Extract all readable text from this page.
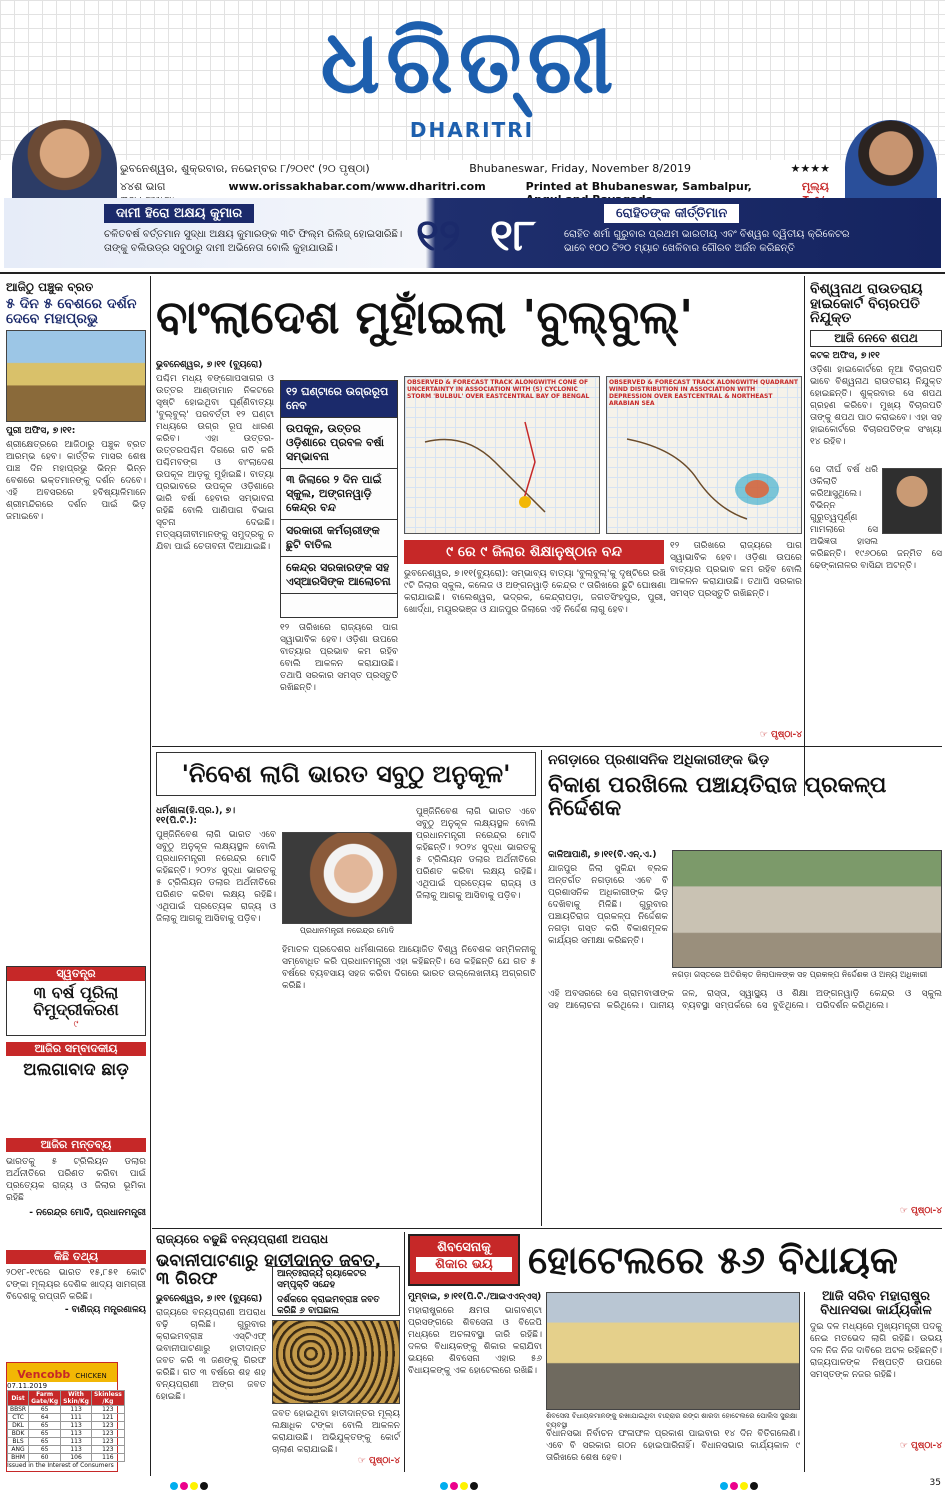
ଧରିତ୍ରୀ
DHARITRI
ଭୁବନେଶ୍ୱର, ଶୁକ୍ରବାର, ନଭେମ୍ବର ୮/୨୦୧୯ (୨୦ ପୃଷ୍ଠା)	Bhubaneswar, Friday, November 8/2019	★★★★
୪୪ଶ ଭାଗ	www.orissakhabar.com/www.dharitri.com	Printed at Bhubaneswar, Sambalpur,	ମୂଲ୍ୟ
ଦାମୀ ହିରୋ ଅକ୍ଷୟ କୁମାର
ଚଳିତବର୍ଷ ବର୍ତ୍ତମାନ ସୁଦ୍ଧା ଅକ୍ଷୟ କୁମାରଙ୍କ ୩ଟି ଫିଲ୍ମ ରିଲିଜ୍ ହୋଇସାରିଛି। ତାଙ୍କୁ ବଲିଉଡ୍‌ର ସବୁଠାରୁ ଦାମୀ ଅଭିନେତା ବୋଲି କୁହାଯାଉଛି।	୧୨ ୧୮	ରୋହିତଙ୍କ କୀର୍ତ୍ତିମାନ
ରୋହିତ ଶର୍ମା ଗୁରୁବାର ପ୍ରଥମ ଭାରତୀୟ ଏବଂ ବିଶ୍ୱର ଦ୍ୱିତୀୟ କ୍ରିକେଟର ଭାବେ ୧୦୦ ଟି୨୦ ମ୍ୟାଚ ଖେଳିବାର ଗୌରବ ଅର୍ଜନ କରିଛନ୍ତି
ଆଜିଠୁ ପଞ୍ଚୁକ ବ୍ରତ
୫ ଦିନ ୫ ବେଶରେ ଦର୍ଶନ ଦେବେ ମହାପ୍ରଭୁ
ପୁରୀ ଅଫିସ, ୭।୧୧:
ଶ୍ରୀକ୍ଷେତ୍ରରେ ଆଜିଠାରୁ ପଞ୍ଚୁକ ବ୍ରତ ଆରମ୍ଭ ହେବ। କାର୍ତ୍ତିକ ମାସର ଶେଷ ପାଞ୍ଚ ଦିନ ମହାପ୍ରଭୁ ଭିନ୍ନ ଭିନ୍ନ ବେଶରେ ଭକ୍ତମାନଙ୍କୁ ଦର୍ଶନ ଦେବେ। ଏହି ଅବସରରେ ହବିଷ୍ୟାଳିମାନେ ଶ୍ରୀମନ୍ଦିରରେ ଦର୍ଶନ ପାଇଁ ଭିଡ଼ ଜମାଇବେ।
ସ୍ୱତନ୍ତ୍ର
୩ ବର୍ଷ ପୂରିଲା ବିମୁଦ୍ରୀକରଣ
୯
ଆଜିର ସମ୍ବାଦକୀୟ
ଅଲଗାବାଦ ଛାଡ଼
ଆଜିର ମନ୍ତବ୍ୟ
ଭାରତକୁ ୫ ଟ୍ରିଲିୟନ ଡଲାର ଅର୍ଥନୀତିରେ ପରିଣତ କରିବା ପାଇଁ ପ୍ରତ୍ୟେକ ରାଜ୍ୟ ଓ ଜିଲାର ଭୂମିକା ରହିଛି
- ନରେନ୍ଦ୍ର ମୋଦି, ପ୍ରଧାନମନ୍ତ୍ରୀ
କିଛି ତଥ୍ୟ
୨୦୧୮-୧୯ରେ ଭାରତ ୧୫,୮୫୧ କୋଟି ଟଙ୍କା ମୂଲ୍ୟର ଦେଶିକ ଖାଦ୍ୟ ସାମଗ୍ରୀ ବିଦେଶକୁ ରପ୍ତାନି କରିଛି।
- ବାଣିଜ୍ୟ ମନ୍ତ୍ରଣାଳୟ
Vencobb CHICKEN
07.11.2019
Dist	Farm Gate/Kg	With Skin/Kg	Skinless /Kg
BBSR	65	113	123
CTC	64	111	121
DKL	65	113	123
BDK	65	113	123
BLS	65	113	123
ANG	65	113	123
BHM	60	106	116
Issued in the Interest of Consumers
ବାଂଲାଦେଶ ମୁହାଁଇଲା 'ବୁଲ୍‌ବୁଲ୍'
ଭୁବନେଶ୍ୱର, ୭।୧୧ (ବ୍ୟୁରୋ)
ପଶ୍ଚିମ ମଧ୍ୟ ବଙ୍ଗୋପସାଗର ଓ ଉତ୍ତର ଆଣ୍ଡାମାନ ନିକଟରେ ସୃଷ୍ଟି ହୋଇଥିବା ଘୂର୍ଣ୍ଣିବାତ୍ୟା 'ବୁଲ୍‌ବୁଲ୍' ପରବର୍ତ୍ତୀ ୧୨ ଘଣ୍ଟା ମଧ୍ୟରେ ଉଗ୍ର ରୂପ ଧାରଣ କରିବ। ଏହା ଉତ୍ତର-ଉତ୍ତରପଶ୍ଚିମ ଦିଗରେ ଗତି କରି ପଶ୍ଚିମବଙ୍ଗ ଓ ବାଂଲାଦେଶ ଉପକୂଳ ଆଡ଼କୁ ମୁହାଁଇଛି। ବାତ୍ୟା ପ୍ରଭାବରେ ଉପକୂଳ ଓଡ଼ିଶାରେ ଭାରି ବର୍ଷା ହେବାର ସମ୍ଭାବନା ରହିଛି ବୋଲି ପାଣିପାଗ ବିଭାଗ ସୂଚନା ଦେଇଛି। ମତ୍ସ୍ୟଜୀବୀମାନଙ୍କୁ ସମୁଦ୍ରକୁ ନ ଯିବା ପାଇଁ ଚେତାବନୀ ଦିଆଯାଇଛି।
୧୨ ଘଣ୍ଟାରେ ଉଗ୍ରରୂପ ନେବ
ଉପକୂଳ, ଉତ୍ତର ଓଡ଼ିଶାରେ ପ୍ରବଳ ବର୍ଷା ସମ୍ଭାବନା
୩ ଜିଲାରେ ୨ ଦିନ ପାଇଁ ସ୍କୁଲ, ଅଙ୍ଗନୱାଡ଼ି କେନ୍ଦ୍ର ବନ୍ଦ
ସରକାରୀ କର୍ମଚାରୀଙ୍କ ଛୁଟି ବାତିଲ
କେନ୍ଦ୍ର ସରକାରଙ୍କ ସହ ଏସ୍‌ଆରସିଙ୍କ ଆଲୋଚନା
୧୨ ତାରିଖରେ ରାଜ୍ୟରେ ପାଗ ସ୍ୱାଭାବିକ ହେବ। ଓଡ଼ିଶା ଉପରେ ବାତ୍ୟାର ପ୍ରଭାବ କମ ରହିବ ବୋଲି ଆକଳନ କରାଯାଉଛି। ତଥାପି ସରକାର ସମସ୍ତ ପ୍ରସ୍ତୁତି ରଖିଛନ୍ତି।
OBSERVED & FORECAST TRACK ALONGWITH CONE OF UNCERTAINTY IN ASSOCIATION WITH (S) CYCLONIC STORM 'BULBUL' OVER EASTCENTRAL BAY OF BENGAL
OBSERVED & FORECAST TRACK ALONGWITH QUADRANT WIND DISTRIBUTION IN ASSOCIATION WITH DEPRESSION OVER EASTCENTRAL & NORTHEAST ARABIAN SEA
୯ ରେ ୯ ଜିଲାର ଶିକ୍ଷାନୁଷ୍ଠାନ ବନ୍ଦ
ଭୁବନେଶ୍ୱର, ୭।୧୧(ବ୍ୟୁରୋ): ସମ୍ଭାବ୍ୟ ବାତ୍ୟା 'ବୁଲ୍‌ବୁଲ୍'କୁ ଦୃଷ୍ଟିରେ ରଖି ୯ଟି ଜିଲାର ସ୍କୁଲ, କଲେଜ ଓ ଅଙ୍ଗନୱାଡ଼ି କେନ୍ଦ୍ର ୯ ତାରିଖରେ ଛୁଟି ଘୋଷଣା କରାଯାଇଛି। ବାଲେଶ୍ୱର, ଭଦ୍ରକ, କେନ୍ଦ୍ରାପଡ଼ା, ଜଗତସିଂହପୁର, ପୁରୀ, ଖୋର୍ଦ୍ଧା, ମୟୂରଭଞ୍ଜ ଓ ଯାଜପୁର ଜିଲାରେ ଏହି ନିର୍ଦ୍ଦେଶ ଲାଗୁ ହେବ।
୧୨ ତାରିଖରେ ରାଜ୍ୟରେ ପାଗ ସ୍ୱାଭାବିକ ହେବ। ଓଡ଼ିଶା ଉପରେ ବାତ୍ୟାର ପ୍ରଭାବ କମ ରହିବ ବୋଲି ଆକଳନ କରାଯାଉଛି। ତଥାପି ସରକାର ସମସ୍ତ ପ୍ରସ୍ତୁତି ରଖିଛନ୍ତି।
☞ ପୃଷ୍ଠା-୪
ବିଶ୍ୱନାଥ ରାଉତରାୟ ହାଇକୋର୍ଟ ବିଚାରପତି ନିଯୁକ୍ତ
ଆଜି ନେବେ ଶପଥ
କଟକ ଅଫିସ, ୭।୧୧
ଓଡ଼ିଶା ହାଇକୋର୍ଟରେ ନୂଆ ବିଚାରପତି ଭାବେ ବିଶ୍ୱନାଥ ରାଉତରାୟ ନିଯୁକ୍ତ ହୋଇଛନ୍ତି। ଶୁକ୍ରବାର ସେ ଶପଥ ଗ୍ରହଣ କରିବେ। ମୁଖ୍ୟ ବିଚାରପତି ତାଙ୍କୁ ଶପଥ ପାଠ କରାଇବେ। ଏହା ସହ ହାଇକୋର୍ଟରେ ବିଚାରପତିଙ୍କ ସଂଖ୍ୟା ୧୪ ରହିବ।
ସେ ଦୀର୍ଘ ବର୍ଷ ଧରି ଓକିଲାତି କରିଆସୁଥିଲେ। ବିଭିନ୍ନ ଗୁରୁତ୍ୱପୂର୍ଣ୍ଣ ମାମଲାରେ ସେ ଅଭିଜ୍ଞତା ହାସଲ କରିଛନ୍ତି। ୧୯୬୦ରେ ଜନ୍ମିତ ସେ ଢେଙ୍କାନାଳର ବାସିନ୍ଦା ଅଟନ୍ତି।
'ନିବେଶ ଲାଗି ଭାରତ ସବୁଠୁ ଅନୁକୂଳ'
ଧର୍ମଶାଳା(ହି.ପ୍ର.), ୭।୧୧(ପି.ଟି.):
ପୁଞ୍ଜିନିବେଶ ଲାଗି ଭାରତ ଏବେ ସବୁଠୁ ଅନୁକୂଳ ଲକ୍ଷ୍ୟସ୍ଥଳ ବୋଲି ପ୍ରଧାନମନ୍ତ୍ରୀ ନରେନ୍ଦ୍ର ମୋଦି କହିଛନ୍ତି। ୨୦୨୪ ସୁଦ୍ଧା ଭାରତକୁ ୫ ଟ୍ରିଲିୟନ ଡଲାର ଅର୍ଥନୀତିରେ ପରିଣତ କରିବା ଲକ୍ଷ୍ୟ ରହିଛି। ଏଥିପାଇଁ ପ୍ରତ୍ୟେକ ରାଜ୍ୟ ଓ ଜିଲାକୁ ଆଗକୁ ଆସିବାକୁ ପଡ଼ିବ।
ପ୍ରଧାନମନ୍ତ୍ରୀ ନରେନ୍ଦ୍ର ମୋଦି
ହିମାଚଳ ପ୍ରଦେଶର ଧର୍ମଶାଳାରେ ଆୟୋଜିତ ବିଶ୍ୱ ନିବେଶକ ସମ୍ମିଳନୀକୁ ସମ୍ବୋଧିତ କରି ପ୍ରଧାନମନ୍ତ୍ରୀ ଏହା କହିଛନ୍ତି। ସେ କହିଛନ୍ତି ଯେ ଗତ ୫ ବର୍ଷରେ ବ୍ୟବସାୟ ସହଜ କରିବା ଦିଗରେ ଭାରତ ଉଲ୍ଲେଖନୀୟ ଅଗ୍ରଗତି କରିଛି।
ପୁଞ୍ଜିନିବେଶ ଲାଗି ଭାରତ ଏବେ ସବୁଠୁ ଅନୁକୂଳ ଲକ୍ଷ୍ୟସ୍ଥଳ ବୋଲି ପ୍ରଧାନମନ୍ତ୍ରୀ ନରେନ୍ଦ୍ର ମୋଦି କହିଛନ୍ତି। ୨୦୨୪ ସୁଦ୍ଧା ଭାରତକୁ ୫ ଟ୍ରିଲିୟନ ଡଲାର ଅର୍ଥନୀତିରେ ପରିଣତ କରିବା ଲକ୍ଷ୍ୟ ରହିଛି। ଏଥିପାଇଁ ପ୍ରତ୍ୟେକ ରାଜ୍ୟ ଓ ଜିଲାକୁ ଆଗକୁ ଆସିବାକୁ ପଡ଼ିବ।
ନଗଡ଼ାରେ ପ୍ରଶାସନିକ ଅଧିକାରୀଙ୍କ ଭିଡ଼
ବିକାଶ ପରଖିଲେ ପଞ୍ଚାୟତିରାଜ ପ୍ରକଳ୍ପ ନିର୍ଦ୍ଦେଶକ
କାଳିଆପାଣି, ୭।୧୧(ବି.ଏନ୍.ଏ.)
ଯାଜପୁର ଜିଲା ସୁକିନ୍ଦା ବ୍ଲକ ଅନ୍ତର୍ଗତ ନଗଡ଼ାରେ ଏବେ ବି ପ୍ରଶାସନିକ ଅଧିକାରୀଙ୍କ ଭିଡ଼ ଦେଖିବାକୁ ମିଳିଛି। ଗୁରୁବାର ପଞ୍ଚାୟତିରାଜ ପ୍ରକଳ୍ପ ନିର୍ଦ୍ଦେଶକ ନଗଡ଼ା ଗସ୍ତ କରି ବିକାଶମୂଳକ କାର୍ଯ୍ୟର ସମୀକ୍ଷା କରିଛନ୍ତି।
ନଗଡ଼ା ଗସ୍ତରେ ଅତିରିକ୍ତ ଜିଲାପାଳଙ୍କ ସହ ପ୍ରକଳ୍ପ ନିର୍ଦ୍ଦେଶକ ଓ ଅନ୍ୟ ଅଧିକାରୀ
ଏହି ଅବସରରେ ସେ ଗ୍ରାମବାସୀଙ୍କ ସହ ଆଲୋଚନା କରିଥିଲେ। ପାନୀୟ ଜଳ, ରାସ୍ତା, ସ୍ୱାସ୍ଥ୍ୟ ଓ ଶିକ୍ଷା ବ୍ୟବସ୍ଥା ସମ୍ପର୍କରେ ସେ ବୁଝିଥିଲେ। ଅଙ୍ଗନୱାଡ଼ି କେନ୍ଦ୍ର ଓ ସ୍କୁଲ ପରିଦର୍ଶନ କରିଥିଲେ।
☞ ପୃଷ୍ଠା-୪
ରାଜ୍ୟରେ ବଢୁଛି ବନ୍ୟପ୍ରାଣୀ ଅପରାଧ
ଭବାନୀପାଟଣାରୁ ହାତୀଦାନ୍ତ ଜବତ, ୩ ଗିରଫ
ଭୁବନେଶ୍ୱର, ୭।୧୧ (ବ୍ୟୁରୋ)
ରାଜ୍ୟରେ ବନ୍ୟପ୍ରାଣୀ ଅପରାଧ ବଢ଼ି ଚାଲିଛି। ଗୁରୁବାର କ୍ରାଇମବ୍ରାଞ୍ଚ ଏସ୍‌ଟିଏଫ୍ ଭବାନୀପାଟଣାରୁ ହାତୀଦାନ୍ତ ଜବତ କରି ୩ ଜଣଙ୍କୁ ଗିରଫ କରିଛି। ଗତ ୩ ବର୍ଷରେ ଶହ ଶହ ବନ୍ୟପ୍ରାଣୀ ଅଙ୍ଗ ଜବତ ହୋଇଛି।
ଆନ୍ତଃରାଜ୍ୟ ର‌୍ୟାକେଟର ସମ୍ପୃକ୍ତି ସନ୍ଦେହ
ଦର୍ଶକରେ କ୍ରାଇମବ୍ରାଞ୍ଚ ଜବତ କରିଛି ୬ ବାଘଛାଲ
ଜବତ ହୋଇଥିବା ହାତୀଦାନ୍ତର ମୂଲ୍ୟ ଲକ୍ଷାଧିକ ଟଙ୍କା ବୋଲି ଆକଳନ କରାଯାଉଛି। ଅଭିଯୁକ୍ତଙ୍କୁ କୋର୍ଟ ଚାଲାଣ କରାଯାଇଛି।
☞ ପୃଷ୍ଠା-୪
ଶିବସେନାକୁ
ଶିକାର ଭୟ ହୋଟେଲରେ ୫୬ ବିଧାୟକ
ମୁମ୍ବାଇ, ୭।୧୧(ପି.ଟି./ଆଇଏଏନ୍‌ଏସ୍)
ମହାରାଷ୍ଟ୍ରରେ କ୍ଷମତା ଭାଗବଣ୍ଟା ପ୍ରସଙ୍ଗରେ ଶିବସେନା ଓ ବିଜେପି ମଧ୍ୟରେ ଅଚଳାବସ୍ଥା ଜାରି ରହିଛି। ଦଳର ବିଧାୟକଙ୍କୁ ଶିକାର କରାଯିବା ଭୟରେ ଶିବସେନା ଏହାର ୫୬ ବିଧାୟକଙ୍କୁ ଏକ ହୋଟେଲରେ ରଖିଛି।
ଶିବସେନା ବିଧାୟକମାନଙ୍କୁ ରଖାଯାଇଥିବା ବାନ୍ଦ୍ରାର ରଙ୍ଗ ଶାରଦା ହୋଟେଲରେ ପୋଲିସ ସୁରକ୍ଷା ବ୍ୟବସ୍ଥା
ବିଧାନସଭା ନିର୍ବାଚନ ଫଳାଫଳ ପ୍ରକାଶ ପାଇବାର ୧୪ ଦିନ ବିତିଗଲେଣି। ଏବେ ବି ସରକାର ଗଠନ ହୋଇପାରିନାହିଁ। ବିଧାନସଭାର କାର୍ଯ୍ୟକାଳ ୯ ତାରିଖରେ ଶେଷ ହେବ।
ଆଜି ସରିବ ମହାରାଷ୍ଟ୍ର ବିଧାନସଭା କାର୍ଯ୍ୟକାଳ
ଦୁଇ ଦଳ ମଧ୍ୟରେ ମୁଖ୍ୟମନ୍ତ୍ରୀ ପଦକୁ ନେଇ ମତଭେଦ ଲାଗି ରହିଛି। ଉଭୟ ଦଳ ନିଜ ନିଜ ଦାବିରେ ଅଟଳ ରହିଛନ୍ତି। ରାଜ୍ୟପାଳଙ୍କ ନିଷ୍ପତ୍ତି ଉପରେ ସମସ୍ତଙ୍କ ନଜର ରହିଛି।
☞ ପୃଷ୍ଠା-୪
35
